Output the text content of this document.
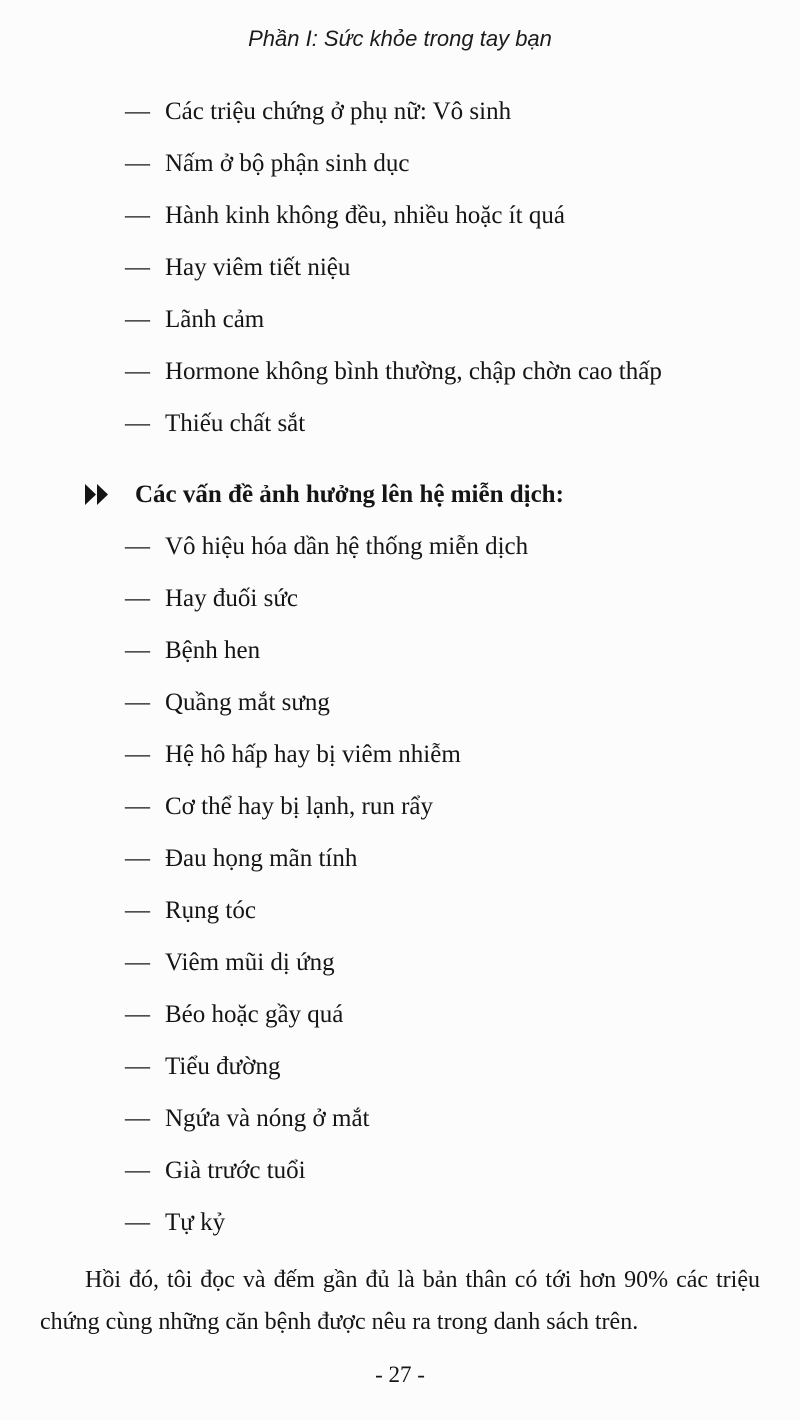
Phần I: Sức khỏe trong tay bạn
— Các triệu chứng ở phụ nữ: Vô sinh
— Nấm ở bộ phận sinh dục
— Hành kinh không đều, nhiều hoặc ít quá
— Hay viêm tiết niệu
— Lãnh cảm
— Hormone không bình thường, chập chờn cao thấp
— Thiếu chất sắt
Các vấn đề ảnh hưởng lên hệ miễn dịch:
— Vô hiệu hóa dần hệ thống miễn dịch
— Hay đuối sức
— Bệnh hen
— Quầng mắt sưng
— Hệ hô hấp hay bị viêm nhiễm
— Cơ thể hay bị lạnh, run rẩy
— Đau họng mãn tính
— Rụng tóc
— Viêm mũi dị ứng
— Béo hoặc gầy quá
— Tiểu đường
— Ngứa và nóng ở mắt
— Già trước tuổi
— Tự kỷ
Hồi đó, tôi đọc và đếm gần đủ là bản thân có tới hơn 90% các triệu chứng cùng những căn bệnh được nêu ra trong danh sách trên.
- 27 -
